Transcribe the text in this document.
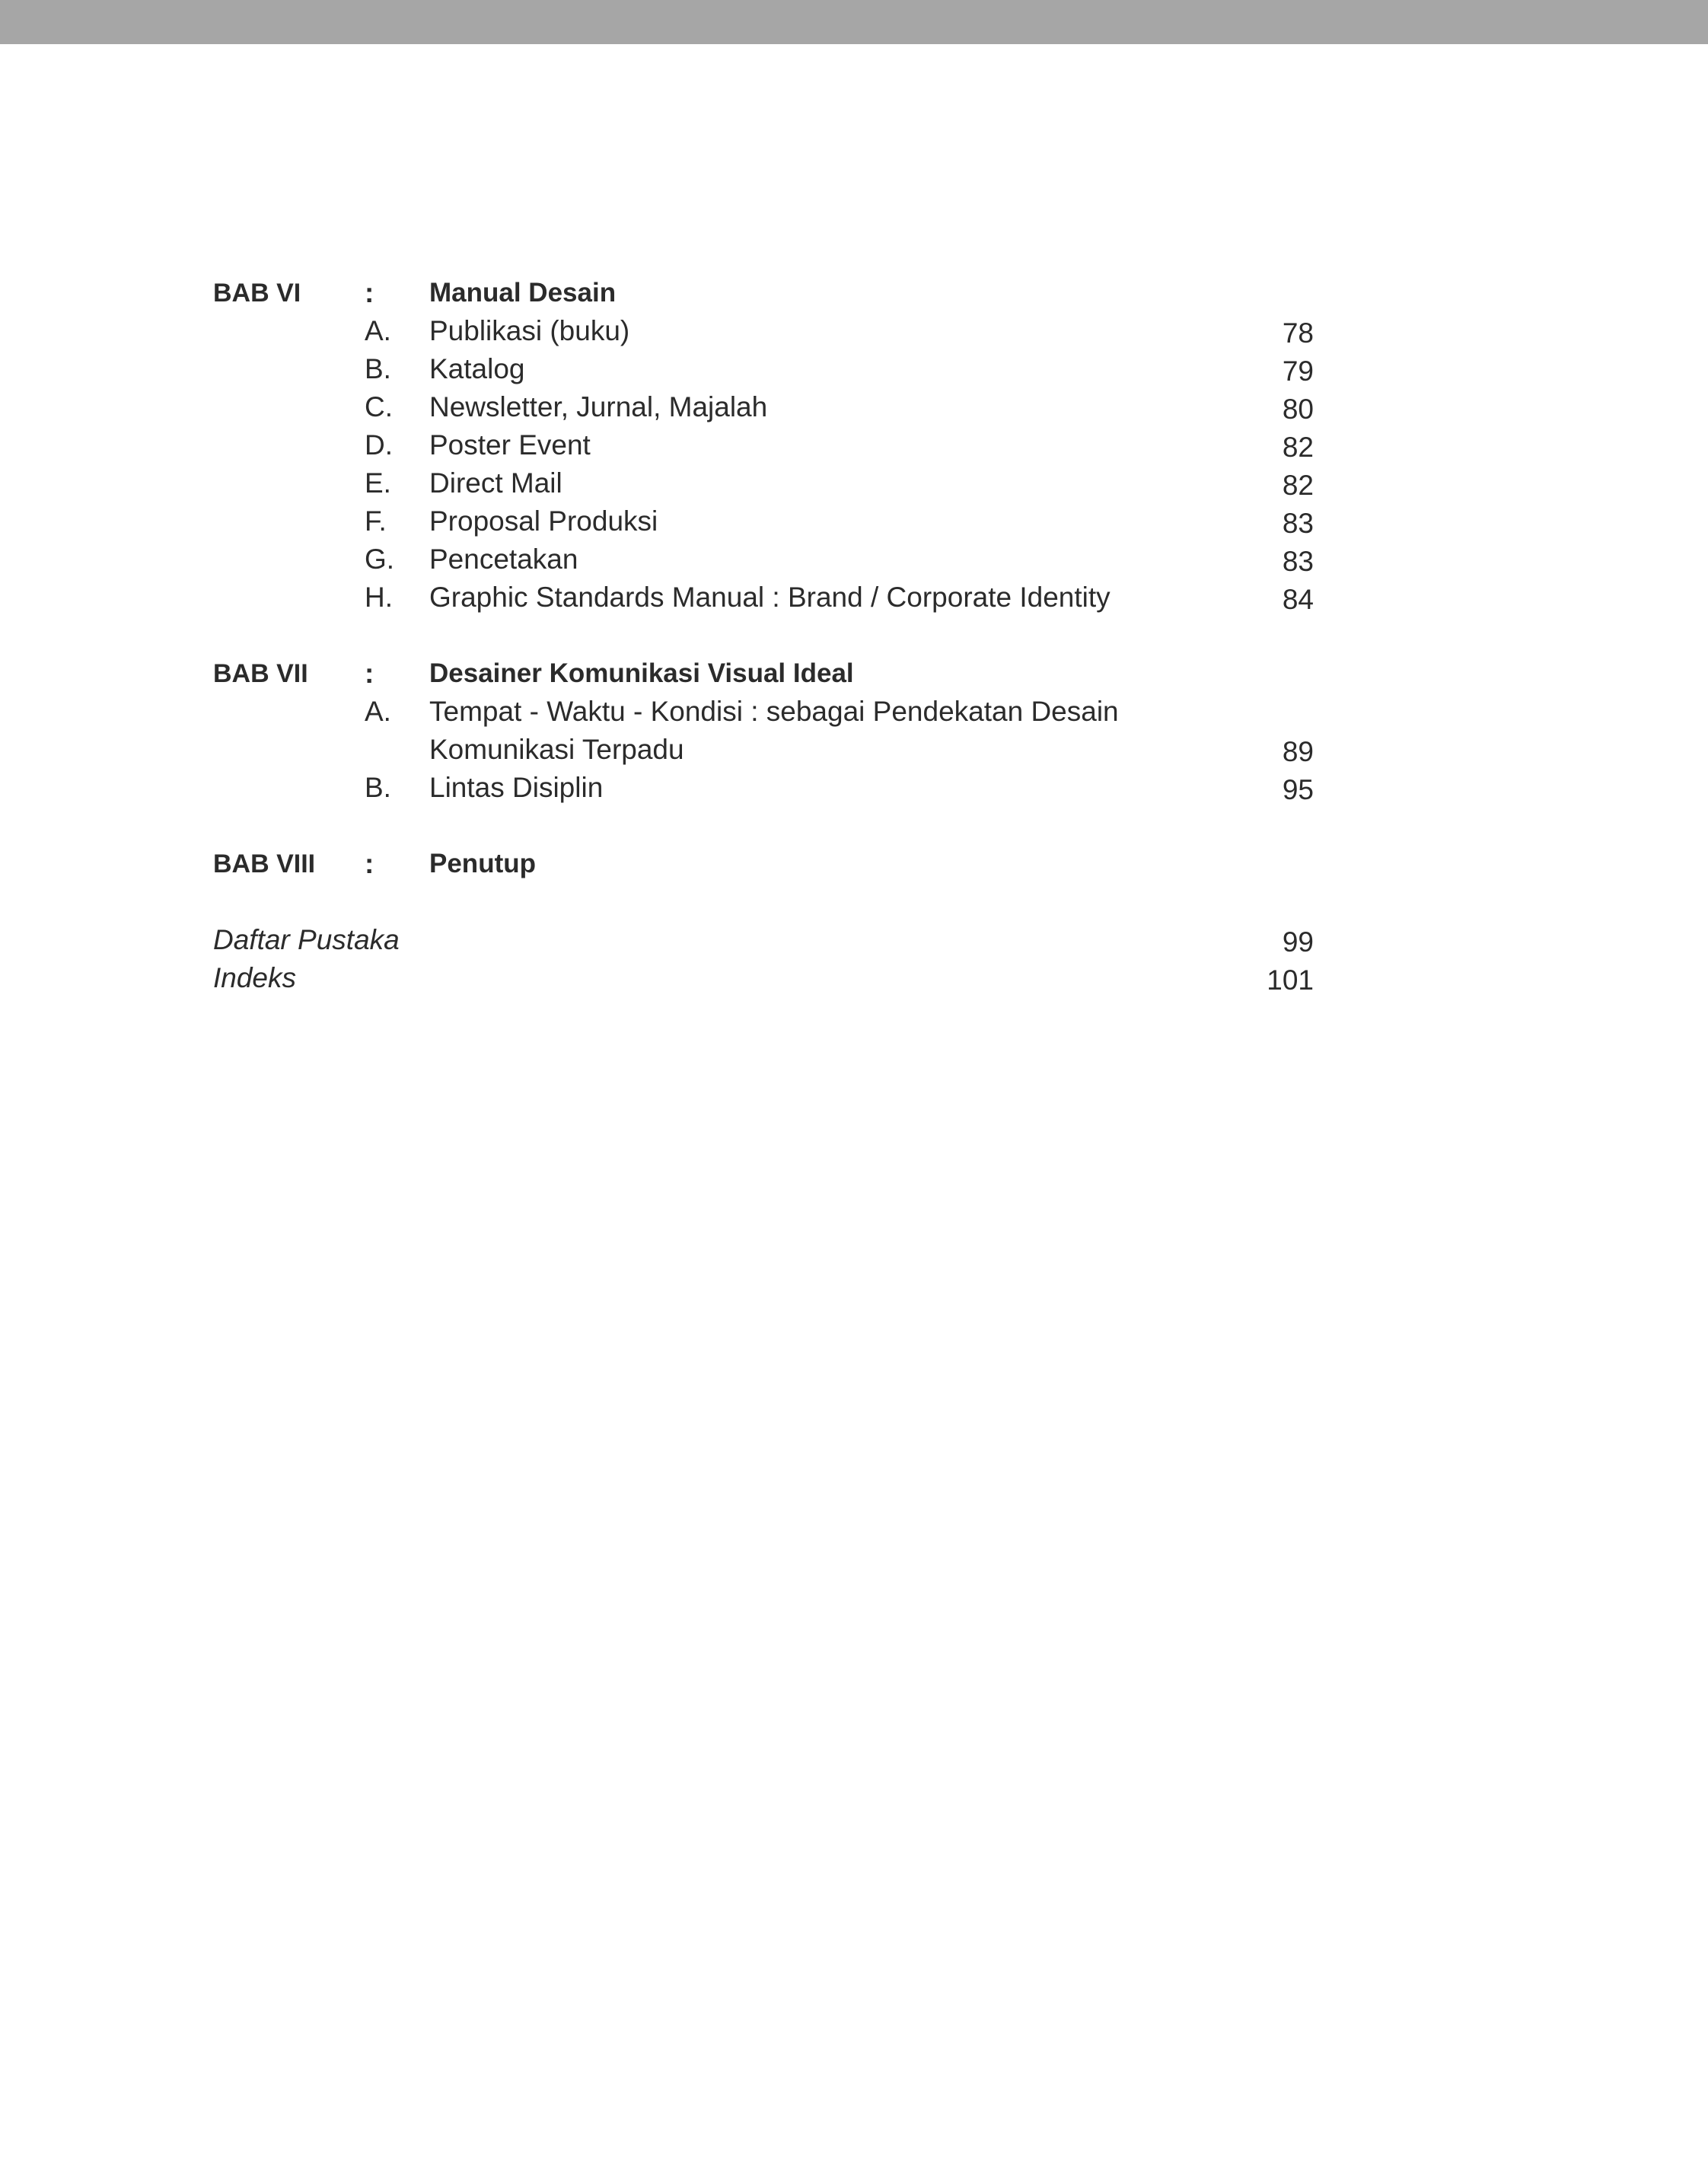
BAB VI : Manual Desain
A. Publikasi (buku)	78
B. Katalog	79
C. Newsletter, Jurnal, Majalah	80
D. Poster Event	82
E. Direct Mail	82
F. Proposal Produksi	83
G. Pencetakan	83
H. Graphic Standards Manual : Brand / Corporate Identity	84
BAB VII : Desainer Komunikasi Visual Ideal
A. Tempat - Waktu - Kondisi : sebagai Pendekatan Desain
Komunikasi Terpadu	89
B. Lintas Disiplin	95
BAB VIII : Penutup
Daftar Pustaka	99
Indeks	101
